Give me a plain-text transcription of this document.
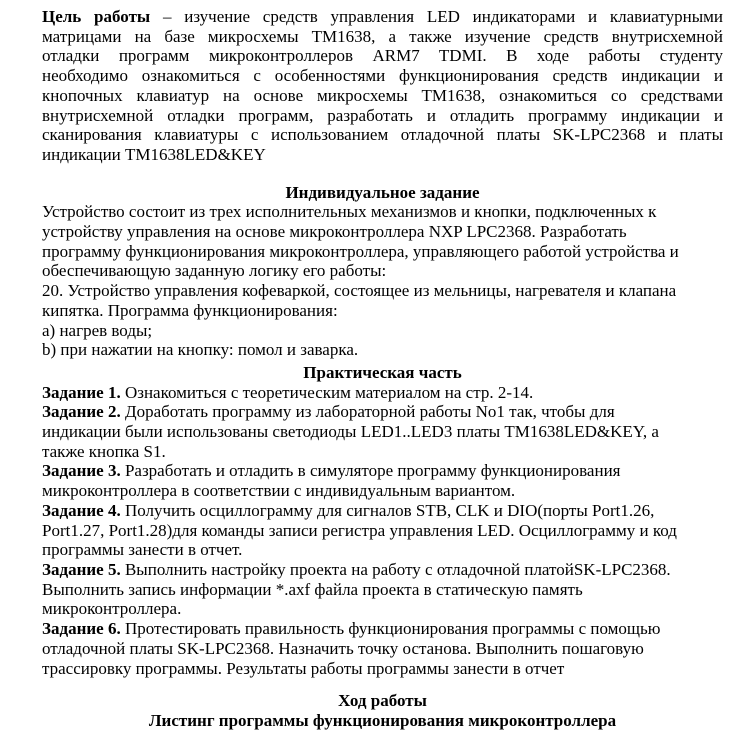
Цель работы – изучение средств управления LED индикаторами и клавиатурными
матрицами на базе микросхемы TM1638, а также изучение средств внутрисхемной
отладки программ микроконтроллеров ARM7 TDMI. В ходе работы студенту
необходимо ознакомиться с особенностями функционирования средств индикации и
кнопочных клавиатур на основе микросхемы TM1638, ознакомиться со средствами
внутрисхемной отладки программ, разработать и отладить программу индикации и
сканирования клавиатуры с использованием отладочной платы SK-LPC2368 и платы
индикации TM1638LED&KEY
Индивидуальное задание
Устройство состоит из трех исполнительных механизмов и кнопки, подключенных к
устройству управления на основе микроконтроллера NXP LPC2368. Разработать
программу функционирования микроконтроллера, управляющего работой устройства и
обеспечивающую заданную логику его работы:
20. Устройство управления кофеваркой, состоящее из мельницы, нагревателя и клапана
кипятка. Программа функционирования:
a) нагрев воды;
b) при нажатии на кнопку: помол и заварка.
Практическая часть
Задание 1. Ознакомиться с теоретическим материалом на стр. 2-14.
Задание 2. Доработать программу из лабораторной работы No1 так, чтобы для
индикации были использованы светодиоды LED1..LED3 платы TM1638LED&KEY, а
также кнопка S1.
Задание 3. Разработать и отладить в симуляторе программу функционирования
микроконтроллера в соответствии с индивидуальным вариантом.
Задание 4. Получить осциллограмму для сигналов STB, CLK и DIO(порты Port1.26,
Port1.27, Port1.28)для команды записи регистра управления LED. Осциллограмму и код
программы занести в отчет.
Задание 5. Выполнить настройку проекта на работу с отладочной платойSK-LPC2368.
Выполнить запись информации *.axf файла проекта в статическую память
микроконтроллера.
Задание 6. Протестировать правильность функционирования программы с помощью
отладочной платы SK-LPC2368. Назначить точку останова. Выполнить пошаговую
трассировку программы. Результаты работы программы занести в отчет
Ход работы
Листинг программы функционирования микроконтроллера
